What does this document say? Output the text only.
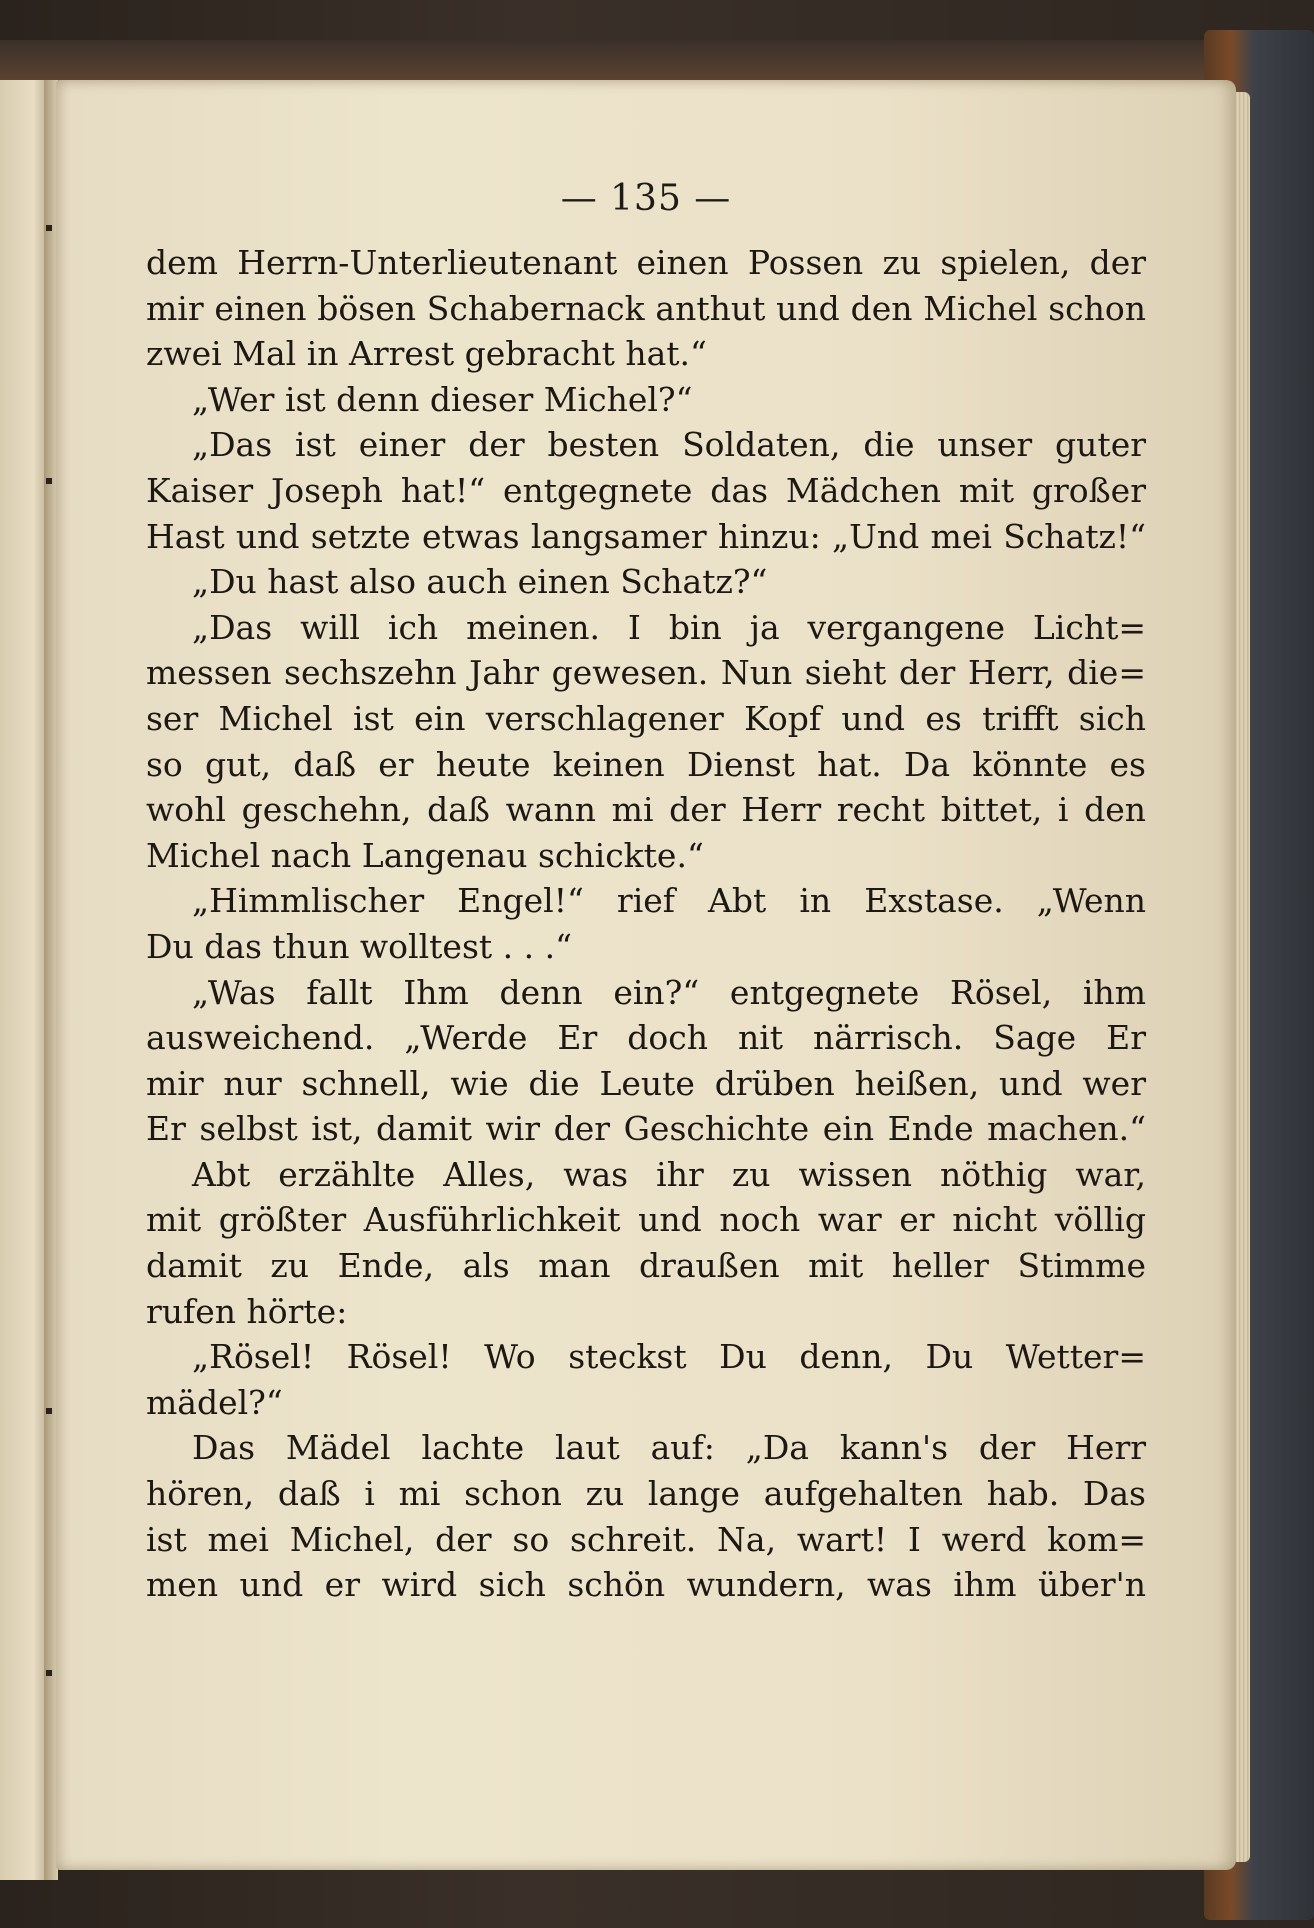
— 135 —
dem Herrn-Unterlieutenant einen Possen zu spielen, der
mir einen bösen Schabernack anthut und den Michel schon
zwei Mal in Arrest gebracht hat.“
„Wer ist denn dieser Michel?“
„Das ist einer der besten Soldaten, die unser guter
Kaiser Joseph hat!“ entgegnete das Mädchen mit großer
Hast und setzte etwas langsamer hinzu: „Und mei Schatz!“
„Du hast also auch einen Schatz?“
„Das will ich meinen. I bin ja vergangene Licht=
messen sechszehn Jahr gewesen. Nun sieht der Herr, die=
ser Michel ist ein verschlagener Kopf und es trifft sich
so gut, daß er heute keinen Dienst hat. Da könnte es
wohl geschehn, daß wann mi der Herr recht bittet, i den
Michel nach Langenau schickte.“
„Himmlischer Engel!“ rief Abt in Exstase. „Wenn
Du das thun wolltest . . .“
„Was fallt Ihm denn ein?“ entgegnete Rösel, ihm
ausweichend. „Werde Er doch nit närrisch. Sage Er
mir nur schnell, wie die Leute drüben heißen, und wer
Er selbst ist, damit wir der Geschichte ein Ende machen.“
Abt erzählte Alles, was ihr zu wissen nöthig war,
mit größter Ausführlichkeit und noch war er nicht völlig
damit zu Ende, als man draußen mit heller Stimme
rufen hörte:
„Rösel! Rösel! Wo steckst Du denn, Du Wetter=
mädel?“
Das Mädel lachte laut auf: „Da kann's der Herr
hören, daß i mi schon zu lange aufgehalten hab. Das
ist mei Michel, der so schreit. Na, wart! I werd kom=
men und er wird sich schön wundern, was ihm über'n
